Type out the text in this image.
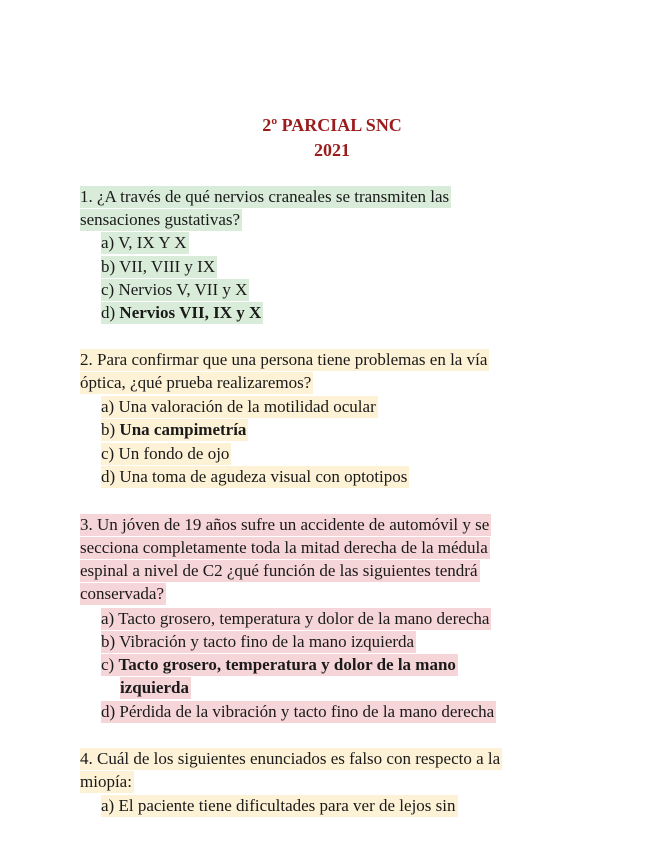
2º PARCIAL SNC
2021
1. ¿A través de qué nervios craneales se transmiten las
sensaciones gustativas?
a) V, IX Y X
b) VII, VIII y IX
c) Nervios V, VII y X
d) Nervios VII, IX y X
2. Para confirmar que una persona tiene problemas en la vía
óptica, ¿qué prueba realizaremos?
a) Una valoración de la motilidad ocular
b) Una campimetría
c) Un fondo de ojo
d) Una toma de agudeza visual con optotipos
3. Un jóven de 19 años sufre un accidente de automóvil y se
secciona completamente toda la mitad derecha de la médula
espinal a nivel de C2 ¿qué función de las siguientes tendrá
conservada?
a) Tacto grosero, temperatura y dolor de la mano derecha
b) Vibración y tacto fino de la mano izquierda
c) Tacto grosero, temperatura y dolor de la mano
izquierda
d) Pérdida de la vibración y tacto fino de la mano derecha
4. Cuál de los siguientes enunciados es falso con respecto a la
miopía:
a) El paciente tiene dificultades para ver de lejos sin
